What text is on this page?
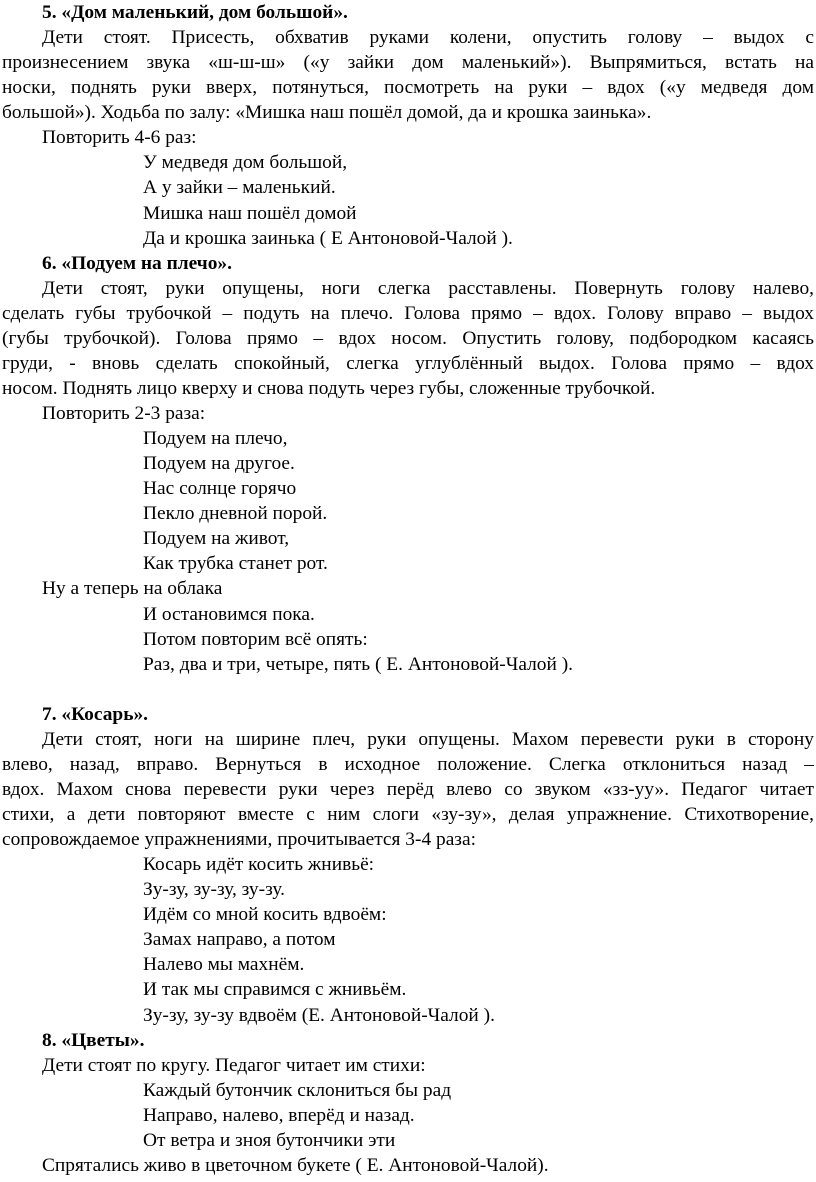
5. «Дом маленький, дом большой».
Дети стоят. Присесть, обхватив руками колени, опустить голову – выдох с
произнесением звука «ш-ш-ш» («у зайки дом маленький»). Выпрямиться, встать на
носки, поднять руки вверх, потянуться, посмотреть на руки – вдох («у медведя дом
большой»). Ходьба по залу: «Мишка наш пошёл домой, да и крошка заинька».
Повторить 4-6 раз:
У медведя дом большой,
А у зайки – маленький.
Мишка наш пошёл домой
Да и крошка заинька ( Е Антоновой-Чалой ).
6. «Подуем на плечо».
Дети стоят, руки опущены, ноги слегка расставлены. Повернуть голову налево,
сделать губы трубочкой – подуть на плечо. Голова прямо – вдох. Голову вправо – выдох
(губы трубочкой). Голова прямо – вдох носом. Опустить голову, подбородком касаясь
груди, - вновь сделать спокойный, слегка углублённый выдох. Голова прямо – вдох
носом. Поднять лицо кверху и снова подуть через губы, сложенные трубочкой.
Повторить 2-3 раза:
Подуем на плечо,
Подуем на другое.
Нас солнце горячо
Пекло дневной порой.
Подуем на живот,
Как трубка станет рот.
Ну а теперь на облака
И остановимся пока.
Потом повторим всё опять:
Раз, два и три, четыре, пять ( Е. Антоновой-Чалой ).
7. «Косарь».
Дети стоят, ноги на ширине плеч, руки опущены. Махом перевести руки в сторону
влево, назад, вправо. Вернуться в исходное положение. Слегка отклониться назад –
вдох. Махом снова перевести руки через перёд влево со звуком «зз-уу». Педагог читает
стихи, а дети повторяют вместе с ним слоги «зу-зу», делая упражнение. Стихотворение,
сопровождаемое упражнениями, прочитывается 3-4 раза:
Косарь идёт косить жнивьё:
Зу-зу, зу-зу, зу-зу.
Идём со мной косить вдвоём:
Замах направо, а потом
Налево мы махнём.
И так мы справимся с жнивьём.
Зу-зу, зу-зу вдвоём (Е. Антоновой-Чалой ).
8. «Цветы».
Дети стоят по кругу. Педагог читает им стихи:
Каждый бутончик склониться бы рад
Направо, налево, вперёд и назад.
От ветра и зноя бутончики эти
Спрятались живо в цветочном букете ( Е. Антоновой-Чалой).
